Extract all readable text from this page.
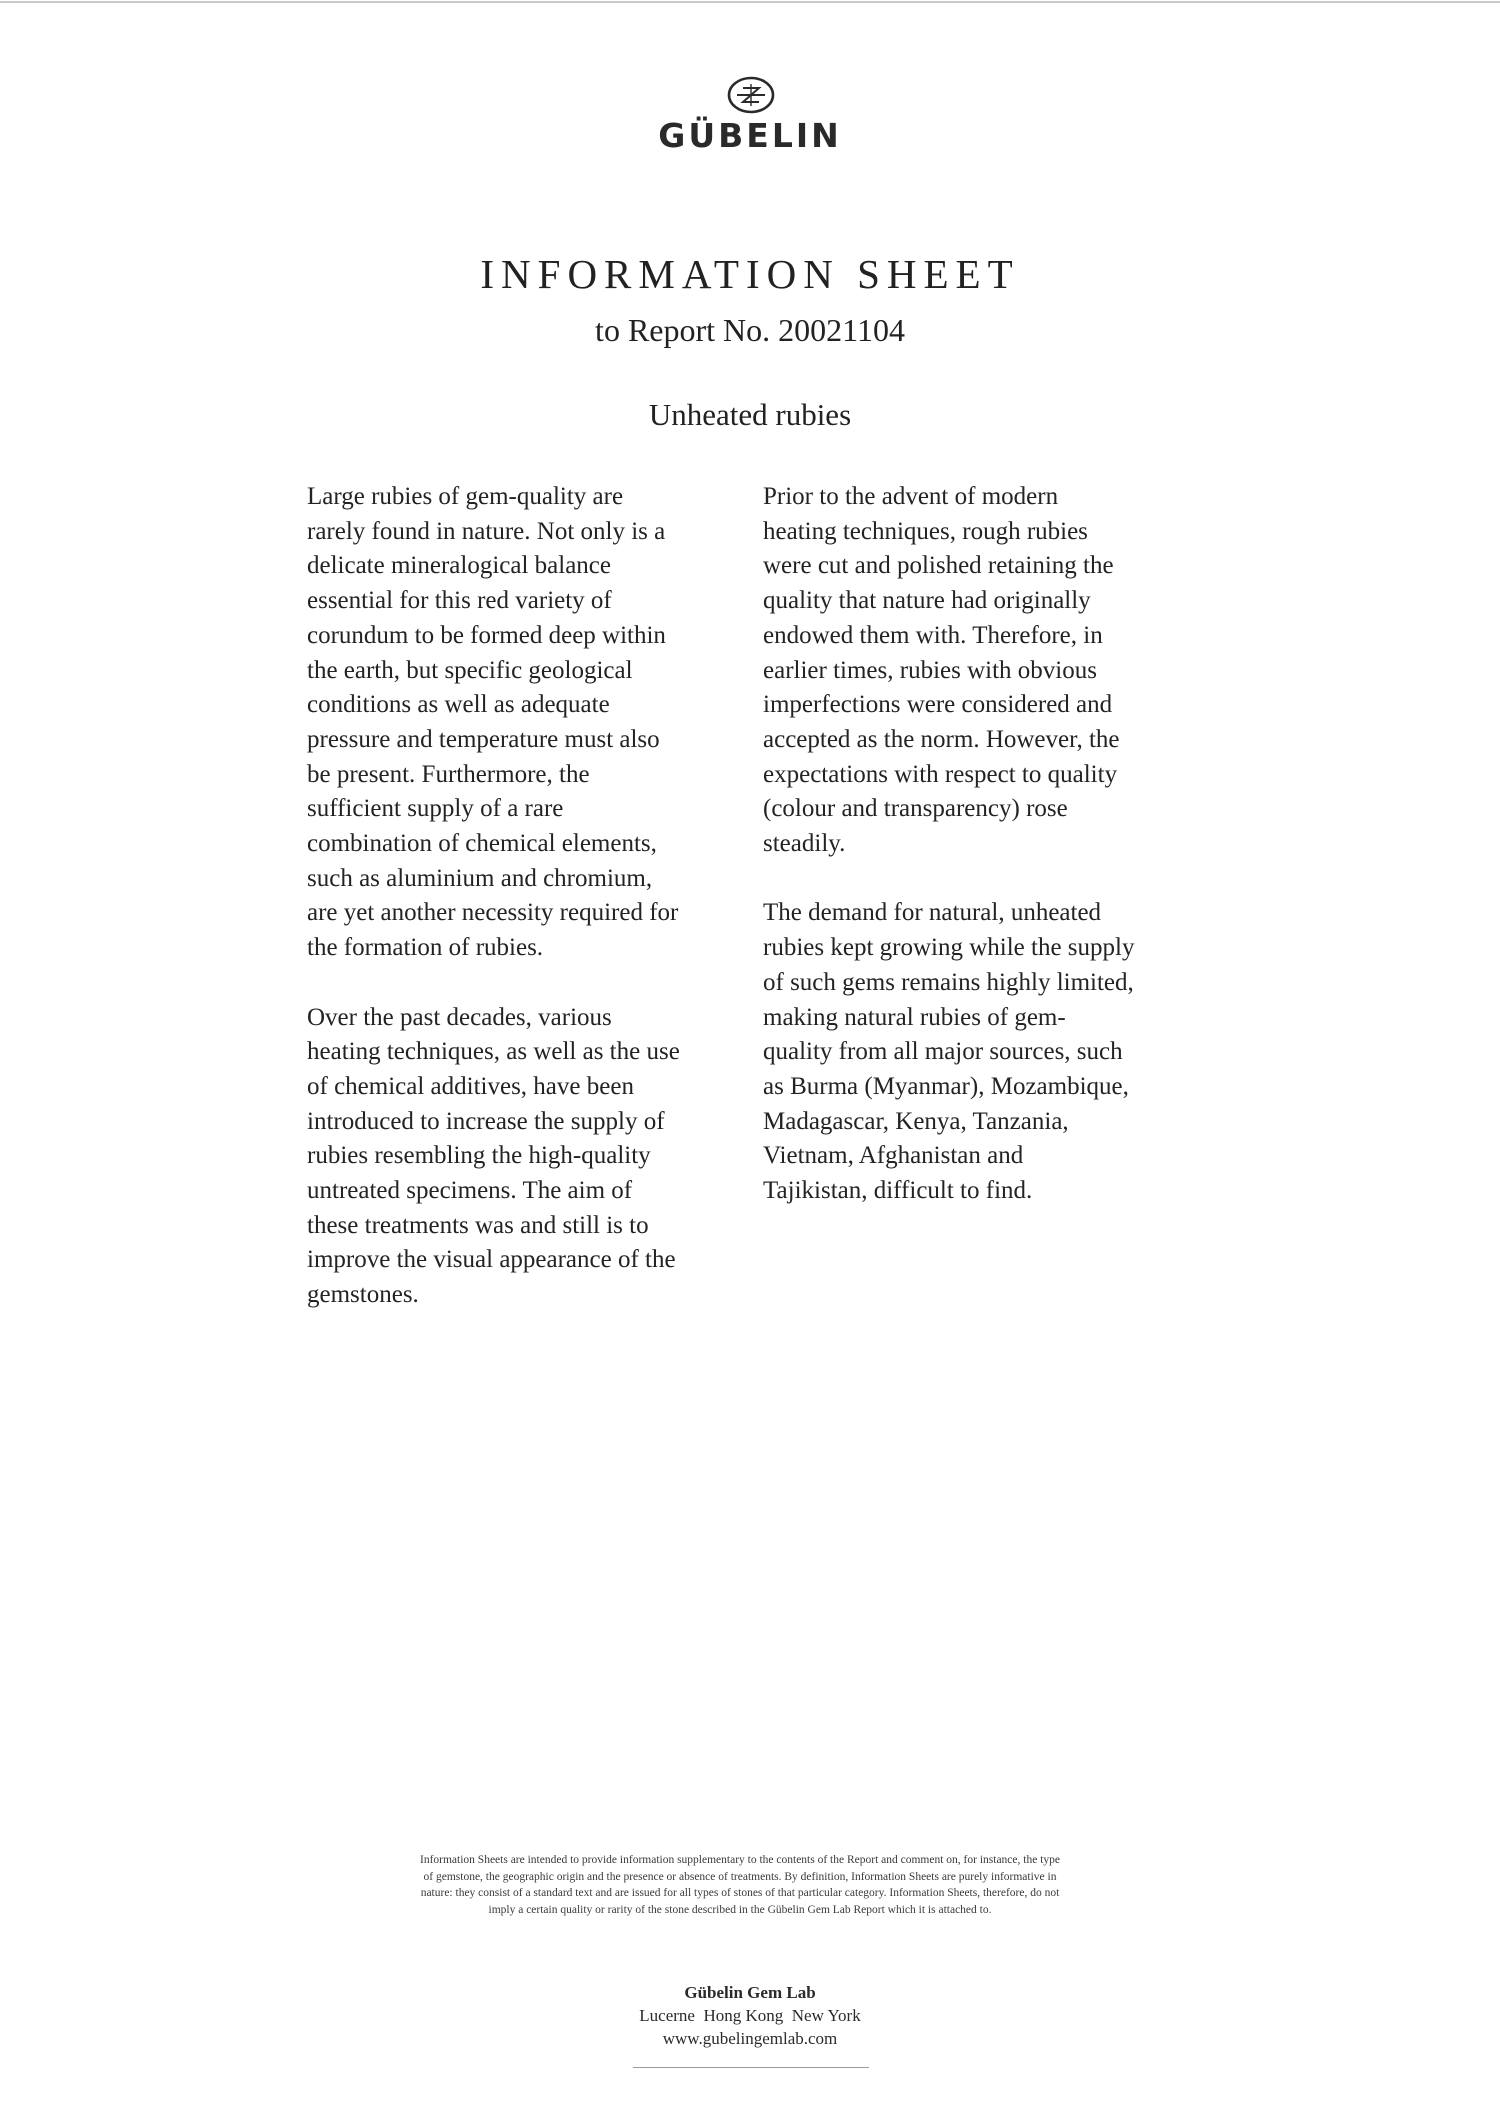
GÜBELIN
INFORMATION SHEET
to Report No. 20021104
Unheated rubies
Large rubies of gem-quality are
rarely found in nature. Not only is a
delicate mineralogical balance
essential for this red variety of
corundum to be formed deep within
the earth, but specific geological
conditions as well as adequate
pressure and temperature must also
be present. Furthermore, the
sufficient supply of a rare
combination of chemical elements,
such as aluminium and chromium,
are yet another necessity required for
the formation of rubies.
Over the past decades, various
heating techniques, as well as the use
of chemical additives, have been
introduced to increase the supply of
rubies resembling the high-quality
untreated specimens. The aim of
these treatments was and still is to
improve the visual appearance of the
gemstones.
Prior to the advent of modern
heating techniques, rough rubies
were cut and polished retaining the
quality that nature had originally
endowed them with. Therefore, in
earlier times, rubies with obvious
imperfections were considered and
accepted as the norm. However, the
expectations with respect to quality
(colour and transparency) rose
steadily.
The demand for natural, unheated
rubies kept growing while the supply
of such gems remains highly limited,
making natural rubies of gem-
quality from all major sources, such
as Burma (Myanmar), Mozambique,
Madagascar, Kenya, Tanzania,
Vietnam, Afghanistan and
Tajikistan, difficult to find.
Information Sheets are intended to provide information supplementary to the contents of the Report and comment on, for instance, the type
of gemstone, the geographic origin and the presence or absence of treatments. By definition, Information Sheets are purely informative in
nature: they consist of a standard text and are issued for all types of stones of that particular category. Information Sheets, therefore, do not
imply a certain quality or rarity of the stone described in the Gübelin Gem Lab Report which it is attached to.
Gübelin Gem Lab
Lucerne  Hong Kong  New York
www.gubelingemlab.com
